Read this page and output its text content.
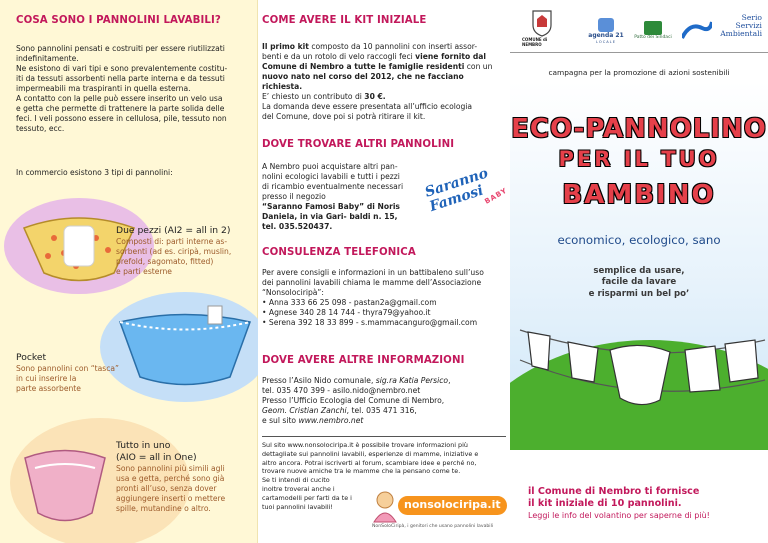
COSA SONO I PANNOLINI LAVABILI?

Sono pannolini pensati e costruiti per essere riutilizzati

indefinitamente.

Ne esistono di vari tipi e sono prevalentemente costitu-

iti da tessuti assorbenti nella parte interna e da tessuti

impermeabili ma traspiranti in quella esterna.

A contatto con la pelle può essere inserito un velo usa

e getta che permette di trattenere la parte solida delle

feci. I veli possono essere in cellulosa, pile, tessuto non

tessuto, ecc.

In commercio esistono 3 tipi di pannolini:

Due pezzi (AI2 = all in 2)

Composti di: parti interne as-

sorbenti (ad es. ciripà, muslin,

prefold, sagomato, fitted)

e parti esterne

Pocket

Sono pannolini con “tasca”

in cui inserire la

parte assorbente

Tutto in uno

(AIO = all in One)

Sono pannolini più simili agli

usa e getta, perché sono già

pronti all’uso, senza dover

aggiungere inserti o mettere

spille, mutandine o altro.

COME AVERE IL KIT INIZIALE

Il primo kit composto da 10 pannolini con inserti assor-

benti e da un rotolo di velo raccogli feci viene fornito dal

Comune di Nembro a tutte le famiglie residenti con un

nuovo nato nel corso del 2012, che ne facciano richiesta.

E’ chiesto un contributo di 30 €.

La domanda deve essere presentata all’ufficio ecologia

del Comune, dove poi si potrà ritirare il kit.

DOVE TROVARE ALTRI PANNOLINI

A Nembro puoi acquistare altri pan-

nolini ecologici lavabili e tutti i pezzi

di ricambio eventualmente necessari

presso il negozio

“Saranno Famosi Baby” di Noris Daniela, in via Gari- baldi n. 15, tel. 035.520437.

Saranno Famosi
BABY
CONSULENZA TELEFONICA

Per avere consigli e informazioni in un battibaleno sull’uso

dei pannolini lavabili chiama le mamme dell’Associazione

“Nonsolociripà”:

• Anna 333 66 25 098 - pastan2a@gmail.com
• Agnese 340 28 14 744 - thyra79@yahoo.it
• Serena 392 18 33 899 - s.mammacanguro@gmail.com
DOVE AVERE ALTRE INFORMAZIONI

Presso l’Asilo Nido comunale, sig.ra Katia Persico,

tel. 035 470 399 - asilo.nido@nembro.net

Presso l’Ufficio Ecologia del Comune di Nembro,

Geom. Cristian Zanchi, tel. 035 471 316,

e sul sito www.nembro.net

Sul sito www.nonsolociripa.it è possibile trovare informazioni più

dettagliate sui pannolini lavabili, esperienze di mamme, iniziative e

altro ancora. Potrai iscriverti al forum, scambiare idee e perché no,

trovare nuove amiche tra le mamme che la pensano come te.

Se ti intendi di cucito

inoltre troverai anche i

cartamodelli per farti da te i

tuoi pannolini lavabili!	nonsolociripa.it
NonSoloCiripà, i genitori che usano pannolini lavabili
COMUNE di NEMBRO
agenda 21
LOCALE
Patto dei Sindaci
Serio
Servizi
Ambientali

campagna per la promozione di azioni sostenibili

ECO-PANNOLINO
PER IL TUO
BAMBINO

economico, ecologico, sano

semplice da usare,
facile da lavare
e risparmi un bel po’
il Comune di Nembro ti fornisce
il kit iniziale di 10 pannolini.
Leggi le info del volantino per saperne di più!
